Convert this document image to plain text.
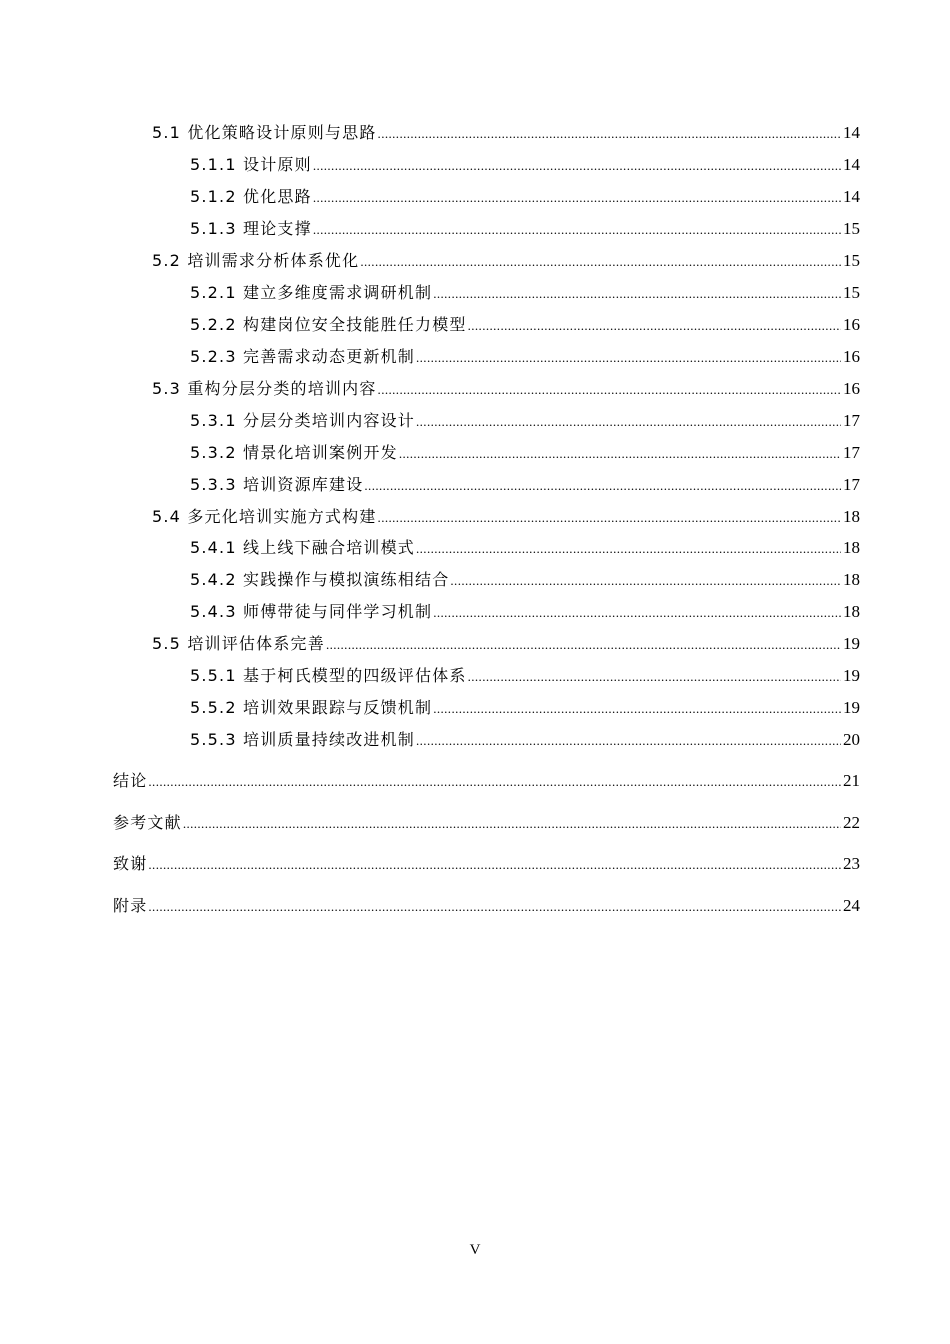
5.1 优化策略设计原则与思路 .....	14
5.1.1 设计原则 .....	14
5.1.2 优化思路 .....	14
5.1.3 理论支撑 .....	15
5.2 培训需求分析体系优化 .....	15
5.2.1 建立多维度需求调研机制 .....	15
5.2.2 构建岗位安全技能胜任力模型 .....	16
5.2.3 完善需求动态更新机制 .....	16
5.3 重构分层分类的培训内容 .....	16
5.3.1 分层分类培训内容设计 .....	17
5.3.2 情景化培训案例开发 .....	17
5.3.3 培训资源库建设 .....	17
5.4 多元化培训实施方式构建 .....	18
5.4.1 线上线下融合培训模式 .....	18
5.4.2 实践操作与模拟演练相结合 .....	18
5.4.3 师傅带徒与同伴学习机制 .....	18
5.5 培训评估体系完善 .....	19
5.5.1 基于柯氏模型的四级评估体系 .....	19
5.5.2 培训效果跟踪与反馈机制 .....	19
5.5.3 培训质量持续改进机制 .....	20
结论 .....	21
参考文献 .....	22
致谢 .....	23
附录 .....	24
V
